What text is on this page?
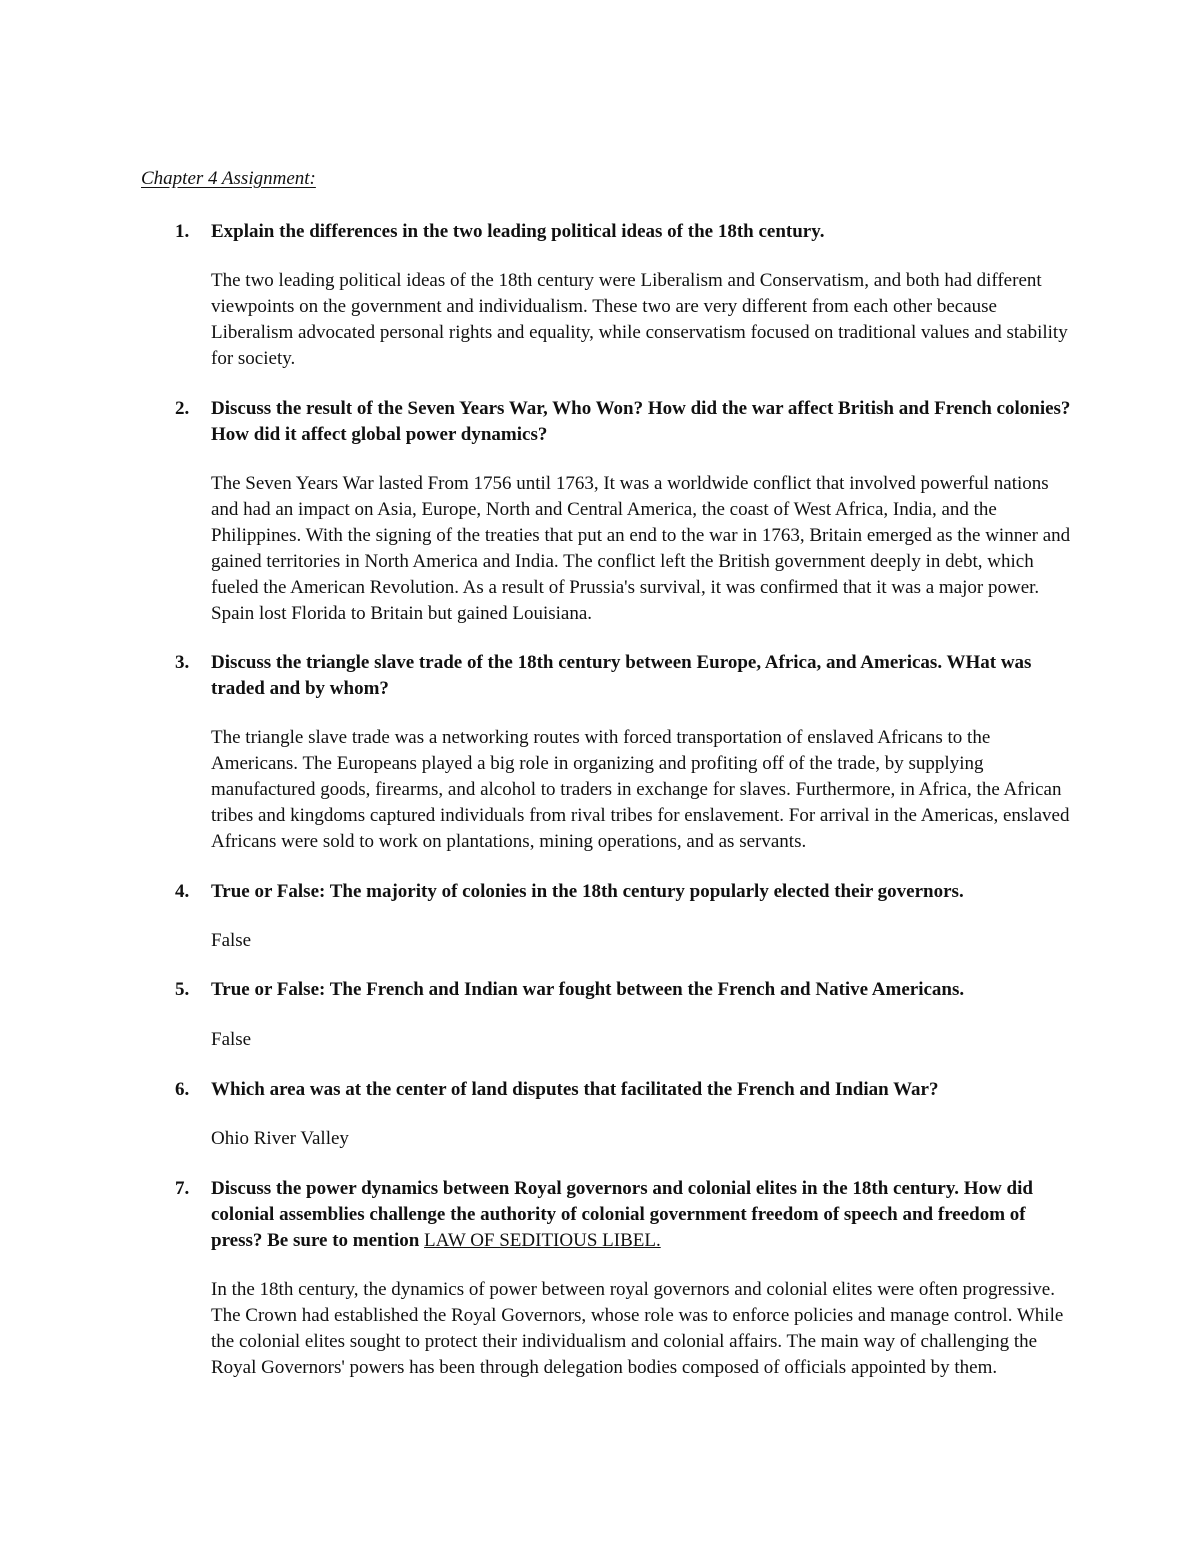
Chapter 4 Assignment:
1. Explain the differences in the two leading political ideas of the 18th century.

The two leading political ideas of the 18th century were Liberalism and Conservatism, and both had different viewpoints on the government and individualism. These two are very different from each other because Liberalism advocated personal rights and equality, while conservatism focused on traditional values and stability for society.

2. Discuss the result of the Seven Years War, Who Won? How did the war affect British and French colonies? How did it affect global power dynamics?

The Seven Years War lasted From 1756 until 1763, It was a worldwide conflict that involved powerful nations and had an impact on Asia, Europe, North and Central America, the coast of West Africa, India, and the Philippines. With the signing of the treaties that put an end to the war in 1763, Britain emerged as the winner and gained territories in North America and India. The conflict left the British government deeply in debt, which fueled the American Revolution. As a result of Prussia's survival, it was confirmed that it was a major power. Spain lost Florida to Britain but gained Louisiana.

3. Discuss the triangle slave trade of the 18th century between Europe, Africa, and Americas. WHat was traded and by whom?

The triangle slave trade was a networking routes with forced transportation of enslaved Africans to the Americans. The Europeans played a big role in organizing and profiting off of the trade, by supplying manufactured goods, firearms, and alcohol to traders in exchange for slaves. Furthermore, in Africa, the African tribes and kingdoms captured individuals from rival tribes for enslavement. For arrival in the Americas, enslaved Africans were sold to work on plantations, mining operations, and as servants.

4. True or False: The majority of colonies in the 18th century popularly elected their governors.

False

5. True or False: The French and Indian war fought between the French and Native Americans.

False

6. Which area was at the center of land disputes that facilitated the French and Indian War?

Ohio River Valley

7. Discuss the power dynamics between Royal governors and colonial elites in the 18th century. How did colonial assemblies challenge the authority of colonial government freedom of speech and freedom of press? Be sure to mention LAW OF SEDITIOUS LIBEL.

In the 18th century, the dynamics of power between royal governors and colonial elites were often progressive. The Crown had established the Royal Governors, whose role was to enforce policies and manage control. While the colonial elites sought to protect their individualism and colonial affairs. The main way of challenging the Royal Governors' powers has been through delegation bodies composed of officials appointed by them.
